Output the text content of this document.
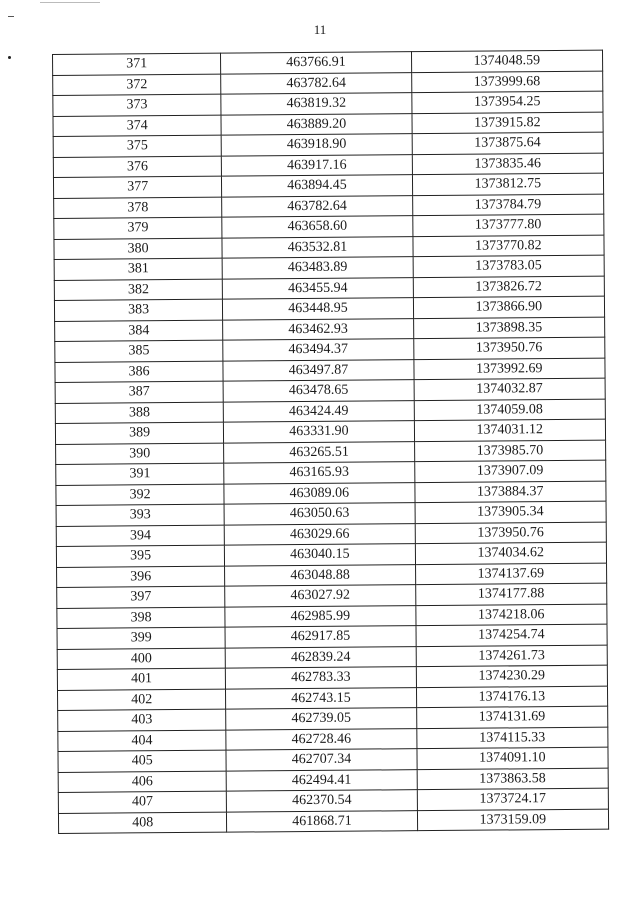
11
371	463766.91	1374048.59
372	463782.64	1373999.68
373	463819.32	1373954.25
374	463889.20	1373915.82
375	463918.90	1373875.64
376	463917.16	1373835.46
377	463894.45	1373812.75
378	463782.64	1373784.79
379	463658.60	1373777.80
380	463532.81	1373770.82
381	463483.89	1373783.05
382	463455.94	1373826.72
383	463448.95	1373866.90
384	463462.93	1373898.35
385	463494.37	1373950.76
386	463497.87	1373992.69
387	463478.65	1374032.87
388	463424.49	1374059.08
389	463331.90	1374031.12
390	463265.51	1373985.70
391	463165.93	1373907.09
392	463089.06	1373884.37
393	463050.63	1373905.34
394	463029.66	1373950.76
395	463040.15	1374034.62
396	463048.88	1374137.69
397	463027.92	1374177.88
398	462985.99	1374218.06
399	462917.85	1374254.74
400	462839.24	1374261.73
401	462783.33	1374230.29
402	462743.15	1374176.13
403	462739.05	1374131.69
404	462728.46	1374115.33
405	462707.34	1374091.10
406	462494.41	1373863.58
407	462370.54	1373724.17
408	461868.71	1373159.09
